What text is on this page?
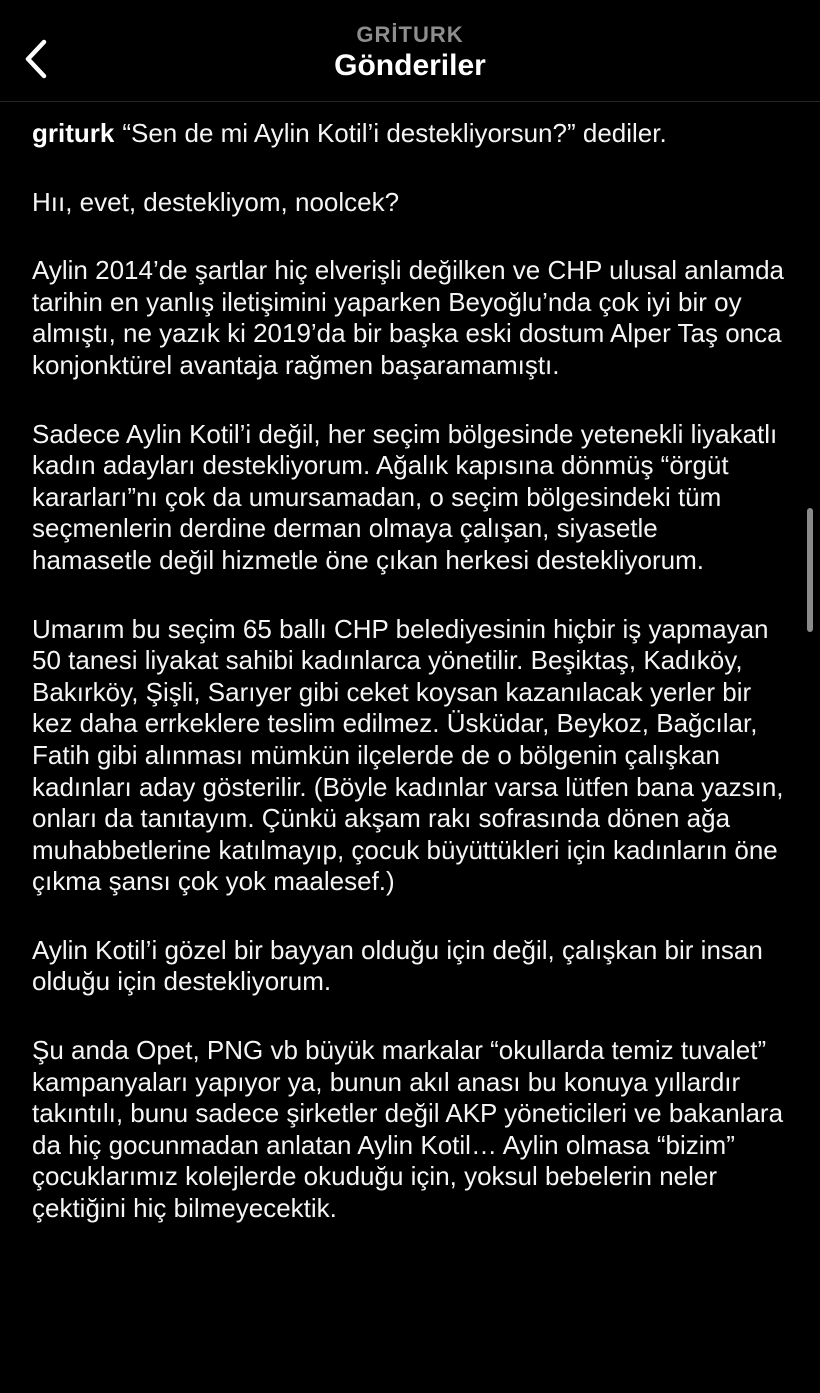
GRİTURK
Gönderiler

griturk “Sen de mi Aylin Kotil’i destekliyorsun?” dediler.

Hıı, evet, destekliyom, noolcek?

Aylin 2014’de şartlar hiç elverişli değilken ve CHP ulusal anlamda tarihin en yanlış iletişimini yaparken Beyoğlu’nda çok iyi bir oy almıştı, ne yazık ki 2019’da bir başka eski dostum Alper Taş onca konjonktürel avantaja rağmen başaramamıştı.

Sadece Aylin Kotil’i değil, her seçim bölgesinde yetenekli liyakatlı kadın adayları destekliyorum. Ağalık kapısına dönmüş “örgüt kararları”nı çok da umursamadan, o seçim bölgesindeki tüm seçmenlerin derdine derman olmaya çalışan, siyasetle hamasetle değil hizmetle öne çıkan herkesi destekliyorum.

Umarım bu seçim 65 ballı CHP belediyesinin hiçbir iş yapmayan 50 tanesi liyakat sahibi kadınlarca yönetilir. Beşiktaş, Kadıköy, Bakırköy, Şişli, Sarıyer gibi ceket koysan kazanılacak yerler bir kez daha errkeklere teslim edilmez. Üsküdar, Beykoz, Bağcılar, Fatih gibi alınması mümkün ilçelerde de o bölgenin çalışkan kadınları aday gösterilir. (Böyle kadınlar varsa lütfen bana yazsın, onları da tanıtayım. Çünkü akşam rakı sofrasında dönen ağa muhabbetlerine katılmayıp, çocuk büyüttükleri için kadınların öne çıkma şansı çok yok maalesef.)

Aylin Kotil’i gözel bir bayyan olduğu için değil, çalışkan bir insan olduğu için destekliyorum.

Şu anda Opet, PNG vb büyük markalar “okullarda temiz tuvalet” kampanyaları yapıyor ya, bunun akıl anası bu konuya yıllardır takıntılı, bunu sadece şirketler değil AKP yöneticileri ve bakanlara da hiç gocunmadan anlatan Aylin Kotil… Aylin olmasa “bizim” çocuklarımız kolejlerde okuduğu için, yoksul bebelerin neler çektiğini hiç bilmeyecektik.
